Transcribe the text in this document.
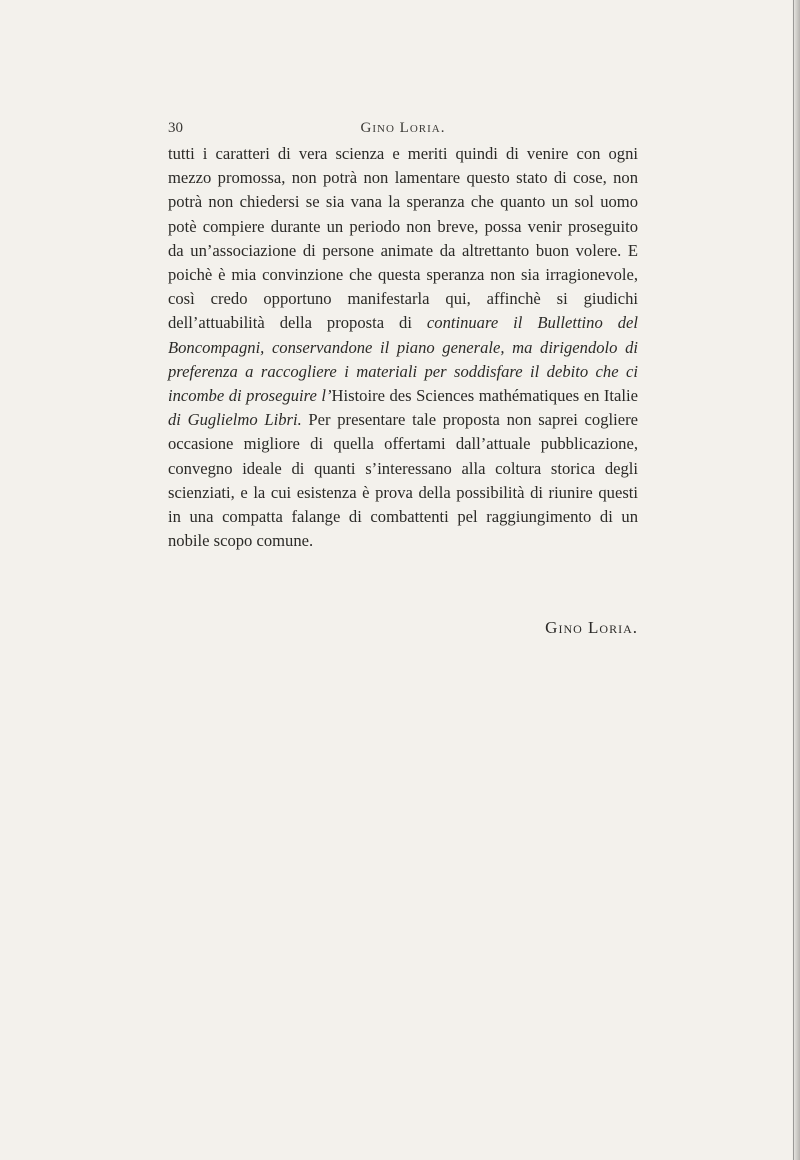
30	Gino Loria.

tutti i caratteri di vera scienza e meriti quindi di venire con ogni mezzo promossa, non potrà non lamentare questo stato di cose, non potrà non chiedersi se sia vana la speranza che quanto un sol uomo potè compiere durante un periodo non breve, possa venir proseguito da un’associazione di persone animate da altrettanto buon volere. E poichè è mia convinzione che questa speranza non sia irragionevole, così credo opportuno manifestarla qui, affinchè si giudichi dell’attuabilità della proposta di continuare il Bullettino del Boncompagni, conservandone il piano generale, ma dirigendolo di preferenza a raccogliere i materiali per soddisfare il debito che ci incombe di proseguire l’Histoire des Sciences mathématiques en Italie di Guglielmo Libri. Per presentare tale proposta non saprei cogliere occasione migliore di quella offertami dall’attuale pubblicazione, convegno ideale di quanti s’interessano alla coltura storica degli scienziati, e la cui esistenza è prova della possibilità di riunire questi in una compatta falange di combattenti pel raggiungimento di un nobile scopo comune.

Gino Loria.
